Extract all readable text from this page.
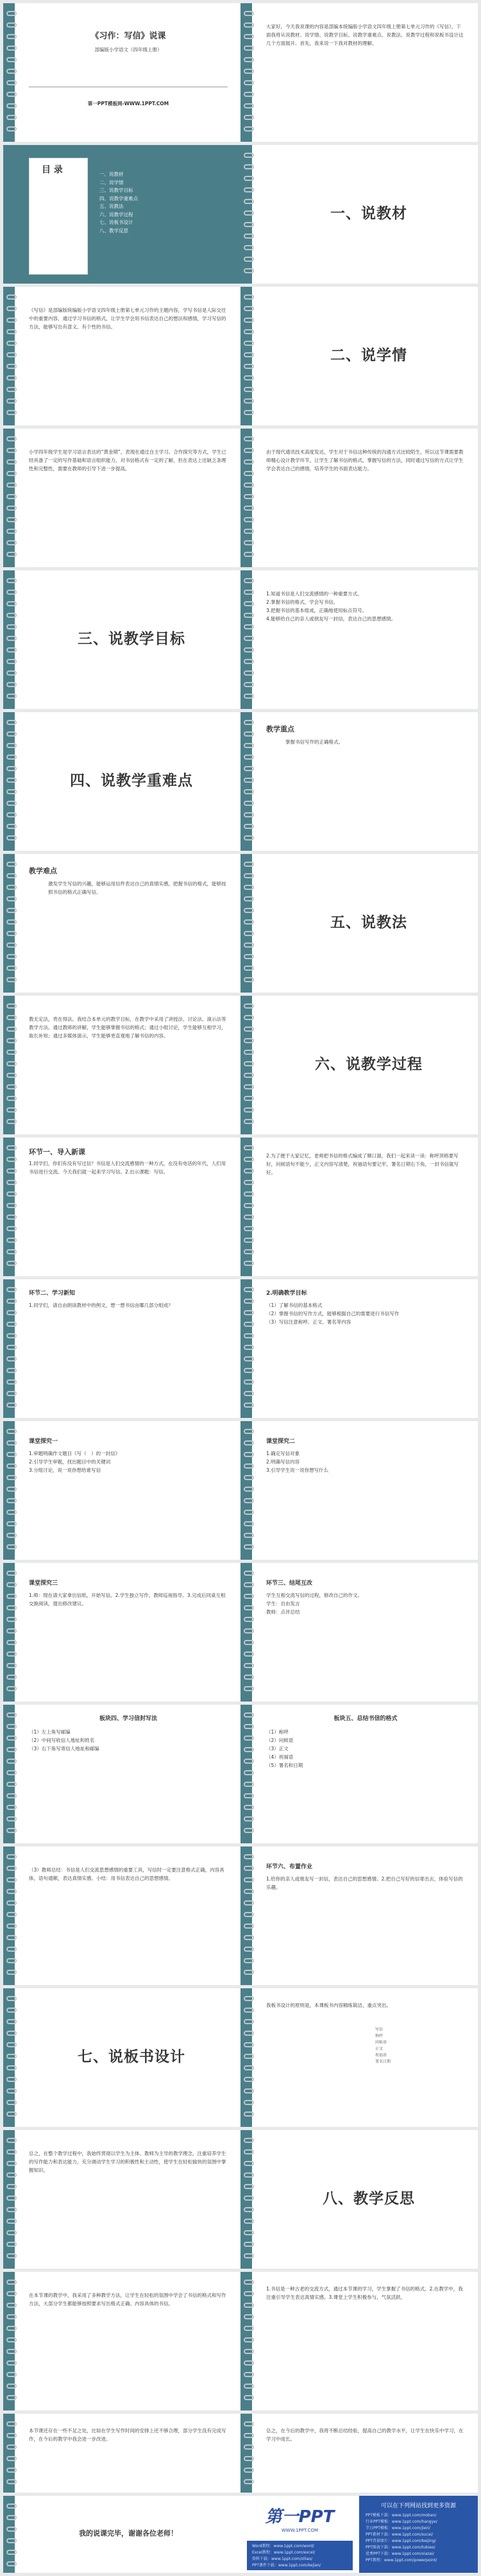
《习作：写信》说课
部编版小学语文（四年级上册）
第一PPT模板网-WWW.1PPT.COM
大家好，今天我说课的内容是部编本统编版小学语文四年级上册第七单元习作的《写信》，下面我将从说教材、说学情、说教学目标、说教学重难点、说教法、说教学过程和说板书设计这几个方面展开。首先，我来说一下我对教材的理解。
目 录	一、说教材
二、说学情
三、说教学目标
四、说教学重难点
五、说教法
六、说教学过程
七、说板书设计
八、教学反思
一、说教材
《写信》是部编版统编版小学语文四年级上册第七单元习作的主题内容，学写书信是人际交往中的重要内容，通过学习书信的格式，让学生学会用书信表达自己的想法和感情，学习写信的方法，能够写出有意义、有个性的书信。
二、说学情
小学四年级学生是学习语言表达的“黄金期”，表现在通过自主学习、合作探究等方式，学生已经具备了一定的写作基础和语言组织能力，对书信格式有一定的了解，但在表达上还缺乏条理性和完整性，需要在教师的引导下进一步提高。
由于现代通讯技术高度发达，学生对于书信这种传统的沟通方式比较陌生，所以这节课需要教师精心设计教学环节，让学生了解书信的格式，掌握写信的方法，同时通过写信的方式让学生学会表达自己的感情，培养学生的书面表达能力。
三、说教学目标
1.知道书信是人们交流感情的一种重要方式。
2.掌握书信的格式，学会写书信。
3.把握书信的基本组成，正确地使用标点符号。
4.能够给自己的亲人或朋友写一封信，表达自己的思想感情。
四、说教学重难点
教学重点
掌握书信写作的正确格式。
教学难点
激发学生写信的兴趣，能够运用信件表达自己的真情实感，把握书信的格式，能够按照书信的格式正确写信。
五、说教法
教无定法，贵在得法。我结合本单元的教学目标，在教学中采用了讲授法、讨论法、演示法等教学方法。通过教师的讲解，学生能够掌握书信的格式；通过小组讨论，学生能够互相学习，取长补短；通过多媒体演示，学生能够更直观地了解书信的内容。
六、说教学过程
环节一、导入新课
1.同学们，你们有没有写过信？书信是人们交流感情的一种方式，在没有电话的年代，人们用书信进行交流。今天我们就一起来学习写信。2.出示课题：写信。
2.为了便于大家记忆，老师把书信的格式编成了顺口溜，我们一起来读一读：称呼顶格要写好，问候语句不能少，正文内容写清楚，祝福语句要记牢，署名日期右下角，一封书信就写好。
环节二、学习新知
1.同学们，请自由朗读教材中的例文，想一想书信由哪几部分组成？
2.明确教学目标
（1）了解书信的基本格式
（2）掌握书信的写作方式，能够根据自己的需要进行书信写作
（3）写信注意称呼、正文、署名等内容
课堂探究一
1.审题明确作文题目《写（　）的一封信》
2.引导学生审题，找出题目中的关键词
3.分组讨论，说一说你想给谁写信
课堂探究二
1.确定写信对象
2.明确写信内容
3.引导学生说一说你想写什么
课堂探究三
1.师：现在请大家拿出信纸，开始写信。2.学生独立写作，教师巡视指导。3.完成后同桌互相交换阅读，提出修改建议。
环节三、结尾互改
学生互相交流写信的过程，修改自己的作文。
学生：自由发言
教师：点评总结
板块四、学习信封写法
（1）左上角写邮编
（2）中间写收信人地址和姓名
（3）右下角写寄信人地址和邮编
板块五、总结书信的格式
（1）称呼
（2）问候语
（3）正文
（4）祝福语
（5）署名和日期
（3）教师总结：书信是人们交流思想感情的重要工具，写信时一定要注意格式正确，内容具体，语句通顺，表达真情实感。小结：用书信表达自己的思想感情。
环节六、布置作业
1.给你的亲人或朋友写一封信，表达自己的思想感情。2.把自己写好的信寄出去，体验写信的乐趣。
七、说板书设计
我板书设计的原则是，本课板书内容精练简洁，重点突出。
写信
称呼
问候语
正文
祝福语
署名日期
总之，在整个教学过程中，我始终贯彻以学生为主体、教师为主导的教学理念，注重培养学生的写作能力和表达能力，充分调动学生学习的积极性和主动性，使学生在轻松愉快的氛围中掌握知识。
八、教学反思
在本节课的教学中，我采用了多种教学方法，让学生在轻松的氛围中学会了书信的格式和写作方法，大部分学生都能够按照要求写出格式正确、内容具体的书信。
1.书信是一种古老的交流方式，通过本节课的学习，学生掌握了书信的格式。2.在教学中，我注重引导学生表达真情实感。3.课堂上学生积极参与，气氛活跃。
本节课还存在一些不足之处，比如在学生写作时间的安排上还不够合理，部分学生没有完成写作，在今后的教学中我会进一步改进。
总之，在今后的教学中，我将不断总结经验，提高自己的教学水平，让学生在快乐中学习，在学习中成长。
我的说课完毕，谢谢各位老师！
第一PPT
WWW.1PPT.COM
可以在下列网站找到更多资源
PPT模板下载：www.1ppt.com/moban/
行业PPT模板：www.1ppt.com/hangye/
节日PPT模板：www.1ppt.com/jieri/
PPT素材下载：www.1ppt.com/sucai/
PPT背景图片：www.1ppt.com/beijing/
PPT图表下载：www.1ppt.com/tubiao/
优秀PPT下载：www.1ppt.com/xiazai/
PPT教程：www.1ppt.com/powerpoint/
Word教程：www.1ppt.com/word/
Excel教程：www.1ppt.com/excel/
资料下载：www.1ppt.com/ziliao/
PPT课件下载：www.1ppt.com/kejian/
